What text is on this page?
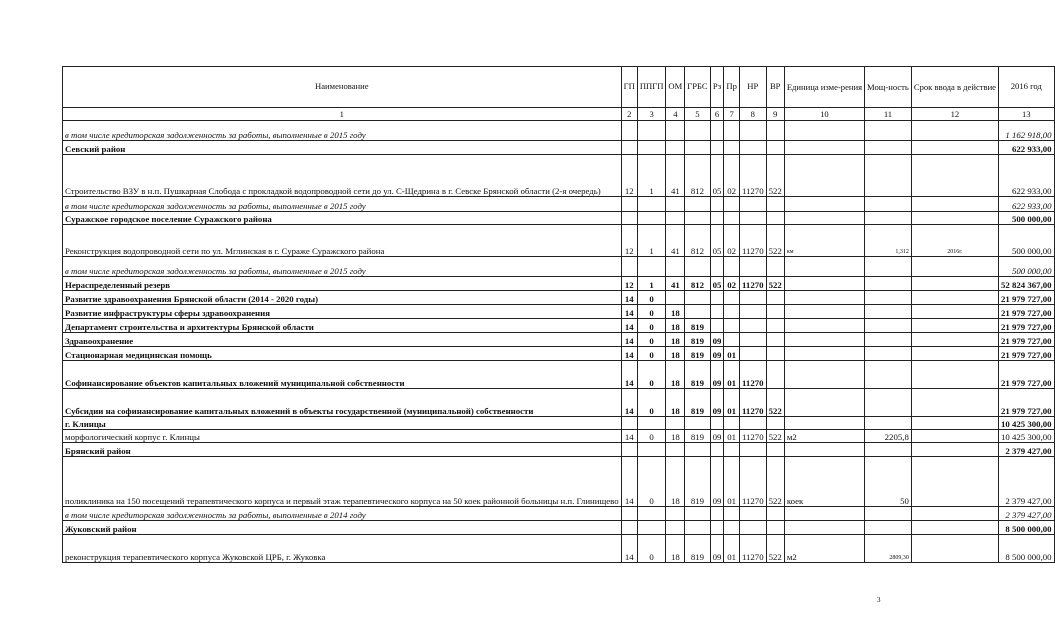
Наименование	ГП	ППГП	ОМ	ГРБС	Рз	Пр	НР	ВР	Единица изме-рения	Мощ-ность	Срок ввода в действие	2016 год
1	2	3	4	5	6	7	8	9	10	11	12	13
в том числе кредиторская задолженность за работы, выполненные в 2015 году												1 162 918,00
Севский район												622 933,00
Строительство ВЗУ в н.п. Пушкарная Слобода с прокладкой водопроводной сети до ул. С-Щедрина в г. Севске Брянской области (2-я очередь)	12	1	41	812	05	02	11270	522				622 933,00
в том числе кредиторская задолженность за работы, выполненные в 2015 году												622 933,00
Суражское городское поселение Суражского района												500 000,00
Реконструкция водопроводной сети по ул. Мглинская в г. Сураже Суражского района	12	1	41	812	05	02	11270	522	км	1,312	2016г.	500 000,00
в том числе кредиторская задолженность за работы, выполненные в 2015 году												500 000,00
Нераспределенный резерв	12	1	41	812	05	02	11270	522				52 824 367,00
Развитие здравоохранения Брянской области (2014 - 2020 годы)	14	0										21 979 727,00
Развитие инфраструктуры сферы здравоохранения	14	0	18									21 979 727,00
Департамент строительства и архитектуры Брянской области	14	0	18	819								21 979 727,00
Здравоохранение	14	0	18	819	09							21 979 727,00
Стационарная медицинская помощь	14	0	18	819	09	01						21 979 727,00
Софинансирование объектов капитальных вложений муниципальной собственности	14	0	18	819	09	01	11270					21 979 727,00
Субсидии на софинансирование капитальных вложений в объекты государственной (муниципальной) собственности	14	0	18	819	09	01	11270	522				21 979 727,00
г. Клинцы												10 425 300,00
морфологический корпус г. Клинцы	14	0	18	819	09	01	11270	522	м2	2205,8		10 425 300,00
Брянский район												2 379 427,00
поликлиника на 150 посещений терапевтического корпуса и первый этаж терапевтического корпуса на 50 коек районной больницы н.п. Глинищево	14	0	18	819	09	01	11270	522	коек	50		2 379 427,00
в том числе кредиторская задолженность за работы, выполненные в 2014 году												2 379 427,00
Жуковский район												8 500 000,00
реконструкция терапевтического корпуса Жуковской ЦРБ, г. Жуковка	14	0	18	819	09	01	11270	522	м2	2809,30		8 500 000,00
3
